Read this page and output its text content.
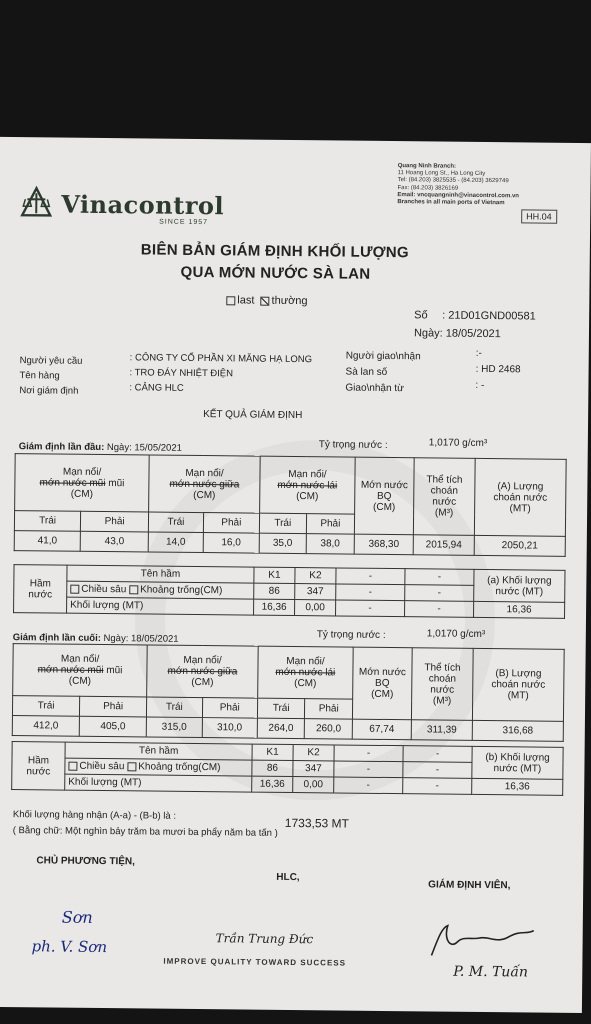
Vinacontrol
SINCE 1957
Quang Ninh Branch:
11 Hoang Long St., Ha Long City
Tel: (84.203) 3825535 - (84.203) 3629749
Fax: (84.203) 3826169
Email: vncquangninh@vinacontrol.com.vn
Branches in all main ports of Vietnam
HH.04
BIÊN BẢN GIÁM ĐỊNH KHỐI LƯỢNG
QUA MỚN NƯỚC SÀ LAN
last thường
Số : 21D01GND00581
Ngày: 18/05/2021
Người yêu cầu	: CÔNG TY CỔ PHẦN XI MĂNG HẠ LONG
Tên hàng	: TRO ĐÁY NHIỆT ĐIỆN
Nơi giám định	: CẢNG HLC
Người giao\nhận	:-
Sà lan số	: HD 2468
Giao\nhận từ	: -
KẾT QUẢ GIÁM ĐỊNH
Giám định lần đầu: Ngày: 15/05/2021	Tỷ trọng nước :	1,0170 g/cm³
Mạn nổi/
mớn nước mũi mũi
(CM)		Mạn nổi/
mớn nước giữa
(CM)		Mạn nổi/
mớn nước lái
(CM)		Mớn nước
BQ
(CM)	Thể tích
choán
nước
(M³)	(A) Lượng
choán nước
(MT)
Trái	Phải	Trái	Phải	Trái	Phải			
41,0	43,0	14,0	16,0	35,0	38,0	368,30	2015,94	2050,21
Hầm
nước	Tên hầm	K1	K2	-	-	(a) Khối lượng
nước (MT)
	Chiều sâu Khoảng trống(CM)	86	347	-	-	
	Khối lượng (MT)	16,36	0,00	-	-	16,36
Giám định lần cuối: Ngày: 18/05/2021	Tỷ trọng nước :	1,0170 g/cm³
Mạn nổi/
mớn nước mũi mũi
(CM)		Mạn nổi/
mớn nước giữa
(CM)		Mạn nổi/
mớn nước lái
(CM)		Mớn nước
BQ
(CM)	Thể tích
choán
nước
(M³)	(B) Lượng
choán nước
(MT)
Trái	Phải	Trái	Phải	Trái	Phải			
412,0	405,0	315,0	310,0	264,0	260,0	67,74	311,39	316,68
Hầm
nước	Tên hầm	K1	K2	-	-	(b) Khối lượng
nước (MT)
	Chiều sâu Khoảng trống(CM)	86	347	-	-	
	Khối lượng (MT)	16,36	0,00	-	-	16,36
Khối lượng hàng nhận (A-a) - (B-b) là :
1733,53 MT
( Bằng chữ: Một nghìn bảy trăm ba mươi ba phẩy năm ba tấn )
CHỦ PHƯƠNG TIỆN,
HLC,
GIÁM ĐỊNH VIÊN,
Sơn
ph. V. Sơn	Trần Trung Đức
P. M. Tuấn
IMPROVE QUALITY TOWARD SUCCESS
